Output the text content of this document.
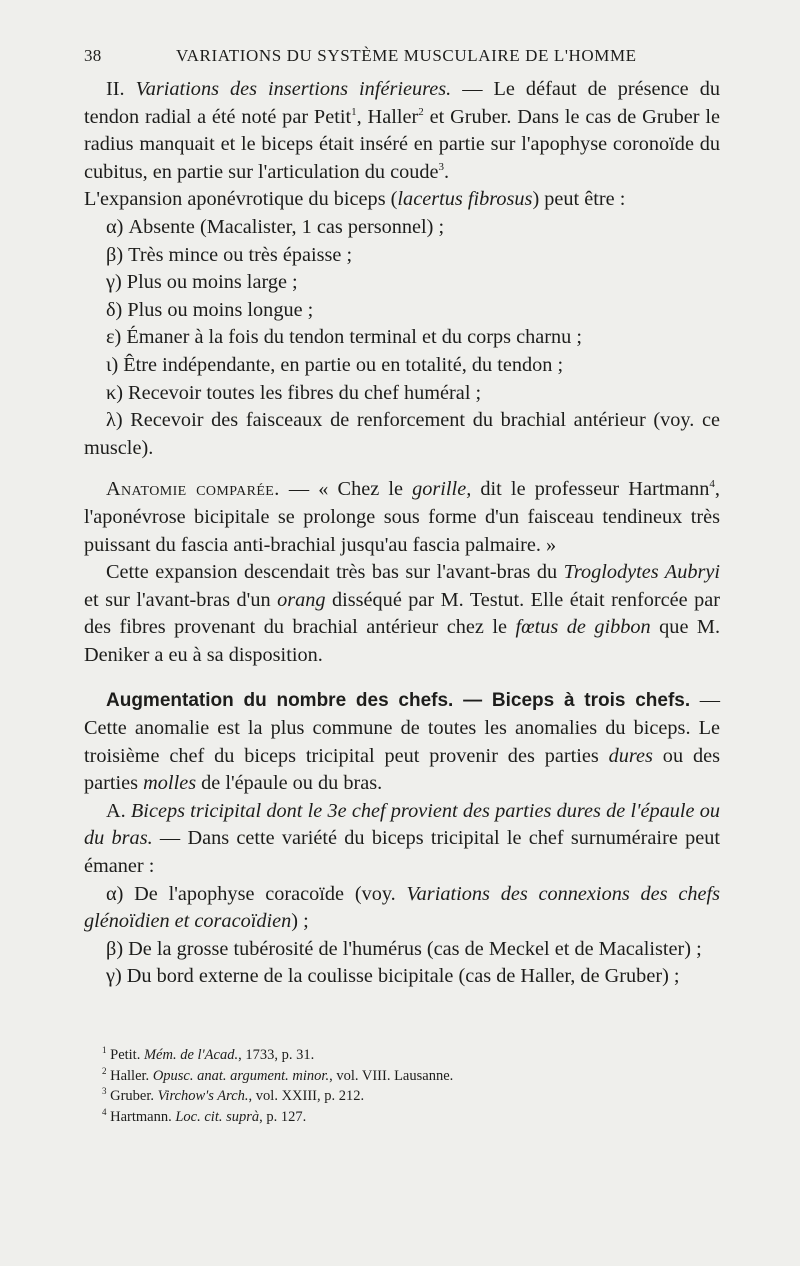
38	VARIATIONS DU SYSTÈME MUSCULAIRE DE L'HOMME

II. Variations des insertions inférieures. — Le défaut de présence du tendon radial a été noté par Petit$^1$, Haller$^2$ et Gruber. Dans le cas de Gruber le radius manquait et le biceps était inséré en partie sur l'apophyse coronoïde du cubitus, en partie sur l'articulation du coude$^3$.

L'expansion aponévrotique du biceps (lacertus fibrosus) peut être :

α) Absente (Macalister, 1 cas personnel) ;

β) Très mince ou très épaisse ;

γ) Plus ou moins large ;

δ) Plus ou moins longue ;

ε) Émaner à la fois du tendon terminal et du corps charnu ;

ι) Être indépendante, en partie ou en totalité, du tendon ;

κ) Recevoir toutes les fibres du chef huméral ;

λ) Recevoir des faisceaux de renforcement du brachial antérieur (voy. ce muscle).

Anatomie comparée. — « Chez le gorille, dit le professeur Hartmann$^4$, l'aponévrose bicipitale se prolonge sous forme d'un faisceau tendineux très puissant du fascia anti-brachial jusqu'au fascia palmaire. »

Cette expansion descendait très bas sur l'avant-bras du Troglodytes Aubryi et sur l'avant-bras d'un orang disséqué par M. Testut. Elle était renforcée par des fibres provenant du brachial antérieur chez le fœtus de gibbon que M. Deniker a eu à sa disposition.

Augmentation du nombre des chefs. — Biceps à trois chefs. — Cette anomalie est la plus commune de toutes les anomalies du biceps. Le troisième chef du biceps tricipital peut provenir des parties dures ou des parties molles de l'épaule ou du bras.

A. Biceps tricipital dont le 3e chef provient des parties dures de l'épaule ou du bras. — Dans cette variété du biceps tricipital le chef surnuméraire peut émaner :

α) De l'apophyse coracoïde (voy. Variations des connexions des chefs glénoïdien et coracoïdien) ;

β) De la grosse tubérosité de l'humérus (cas de Meckel et de Macalister) ;

γ) Du bord externe de la coulisse bicipitale (cas de Haller, de Gruber) ;

$^1$ Petit. Mém. de l'Acad., 1733, p. 31.

$^2$ Haller. Opusc. anat. argument. minor., vol. VIII. Lausanne.

$^3$ Gruber. Virchow's Arch., vol. XXIII, p. 212.

$^4$ Hartmann. Loc. cit. suprà, p. 127.
